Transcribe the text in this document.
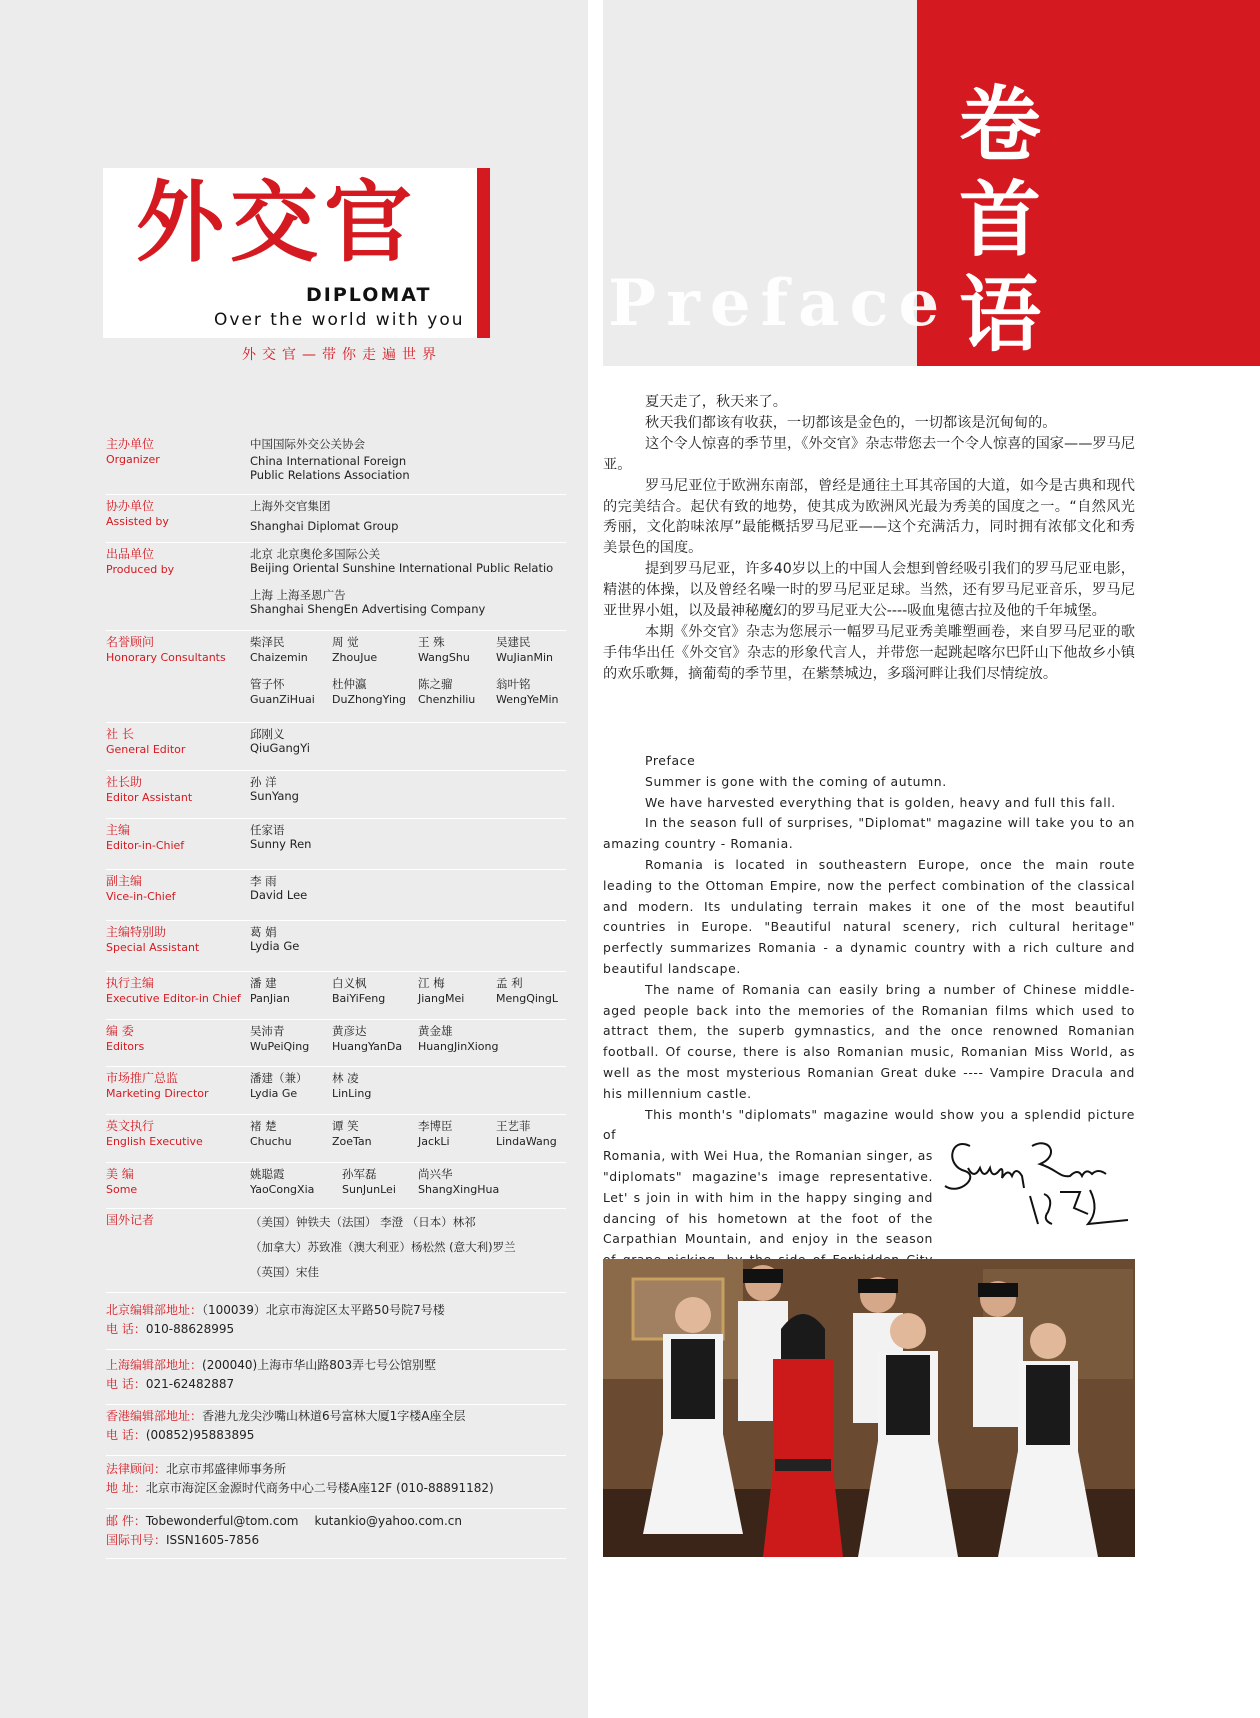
外交官
DIPLOMAT
Over the world with you
外交官—带你走遍世界
主办单位
Organizer
中国国际外交公关协会
China International Foreign
Public Relations Association
协办单位
Assisted by
上海外交官集团
Shanghai Diplomat Group
出品单位
Produced by
北京 北京奥伦多国际公关
Beijing Oriental Sunshine International Public Relatio
上海 上海圣恩广告
Shanghai ShengEn Advertising Company
名誉顾问
Honorary Consultants
柴泽民
Chaizemin
周 觉
ZhouJue
王 殊
WangShu
吴建民
WuJianMin
管子怀
GuanZiHuai
杜仲瀛
DuZhongYing
陈之骝
Chenzhiliu
翁叶铭
WengYeMin
社 长
General Editor
邱刚义
QiuGangYi
社长助
Editor Assistant
孙 洋
SunYang
主编
Editor-in-Chief
任家语
Sunny Ren
副主编
Vice-in-Chief
李 雨
David Lee
主编特别助
Special Assistant
葛 娟
Lydia Ge
执行主编
Executive Editor-in Chief
潘 建
PanJian
白义枫
BaiYiFeng
江 梅
JiangMei
孟 利
MengQingL
编 委
Editors
吴沛青
WuPeiQing
黄彦达
HuangYanDa
黄金雄
HuangJinXiong
市场推广总监
Marketing Director
潘建（兼）
Lydia Ge
林 凌
LinLing
英文执行
English Executive
褚 楚
Chuchu
谭 笑
ZoeTan
李博臣
JackLi
王艺菲
LindaWang
美 编
Some
姚聪霞
YaoCongXia
孙军磊
SunJunLei
尚兴华
ShangXingHua
国外记者	（美国）钟铁夫（法国） 李澄 （日本）林祁
（加拿大）苏致准（澳大利亚）杨松然 (意大利)罗兰
（英国）宋佳
北京编辑部地址：（100039）北京市海淀区太平路50号院7号楼
电 话：010-88628995
上海编辑部地址：(200040)上海市华山路803弄七号公馆别墅
电 话：021-62482887
香港编辑部地址：香港九龙尖沙嘴山林道6号富林大厦1字楼A座全层
电 话：(00852)95883895
法律顾问：北京市邦盛律师事务所
地 址：北京市海淀区金源时代商务中心二号楼A座12F (010-88891182)
邮 件：Tobewonderful@tom.com kutankio@yahoo.com.cn
国际刊号：ISSN1605-7856
Preface
卷首语

夏天走了，秋天来了。

秋天我们都该有收获，一切都该是金色的，一切都该是沉甸甸的。

这个令人惊喜的季节里，《外交官》杂志带您去一个令人惊喜的国家——罗马尼亚。

罗马尼亚位于欧洲东南部，曾经是通往土耳其帝国的大道，如今是古典和现代的完美结合。起伏有致的地势，使其成为欧洲风光最为秀美的国度之一。“自然风光秀丽，文化韵味浓厚”最能概括罗马尼亚——这个充满活力，同时拥有浓郁文化和秀美景色的国度。

提到罗马尼亚，许多40岁以上的中国人会想到曾经吸引我们的罗马尼亚电影，精湛的体操，以及曾经名噪一时的罗马尼亚足球。当然，还有罗马尼亚音乐，罗马尼亚世界小姐，以及最神秘魔幻的罗马尼亚大公----吸血鬼德古拉及他的千年城堡。

本期《外交官》杂志为您展示一幅罗马尼亚秀美雕塑画卷，来自罗马尼亚的歌手伟华出任《外交官》杂志的形象代言人，并带您一起跳起喀尔巴阡山下他故乡小镇的欢乐歌舞，摘葡萄的季节里，在紫禁城边，多瑙河畔让我们尽情绽放。

Preface

Summer is gone with the coming of autumn.

We have harvested everything that is golden, heavy and full this fall.

In the season full of surprises, "Diplomat" magazine will take you to an amazing country - Romania.

Romania is located in southeastern Europe, once the main route leading to the Ottoman Empire, now the perfect combination of the classical and modern. Its undulating terrain makes it one of the most beautiful countries in Europe. "Beautiful natural scenery, rich cultural heritage" perfectly summarizes Romania - a dynamic country with a rich culture and beautiful landscape.

The name of Romania can easily bring a number of Chinese middle-aged people back into the memories of the Romanian films which used to attract them, the superb gymnastics, and the once renowned Romanian football. Of course, there is also Romanian music, Romanian Miss World, as well as the most mysterious Romanian Great duke ---- Vampire Dracula and his millennium castle.

This month's "diplomats" magazine would show you a splendid picture of

Romania, with Wei Hua, the Romanian singer, as "diplomats" magazine's image representative. Let' s join in with him in the happy singing and dancing of his hometown at the foot of the Carpathian Mountain, and enjoy in the season
